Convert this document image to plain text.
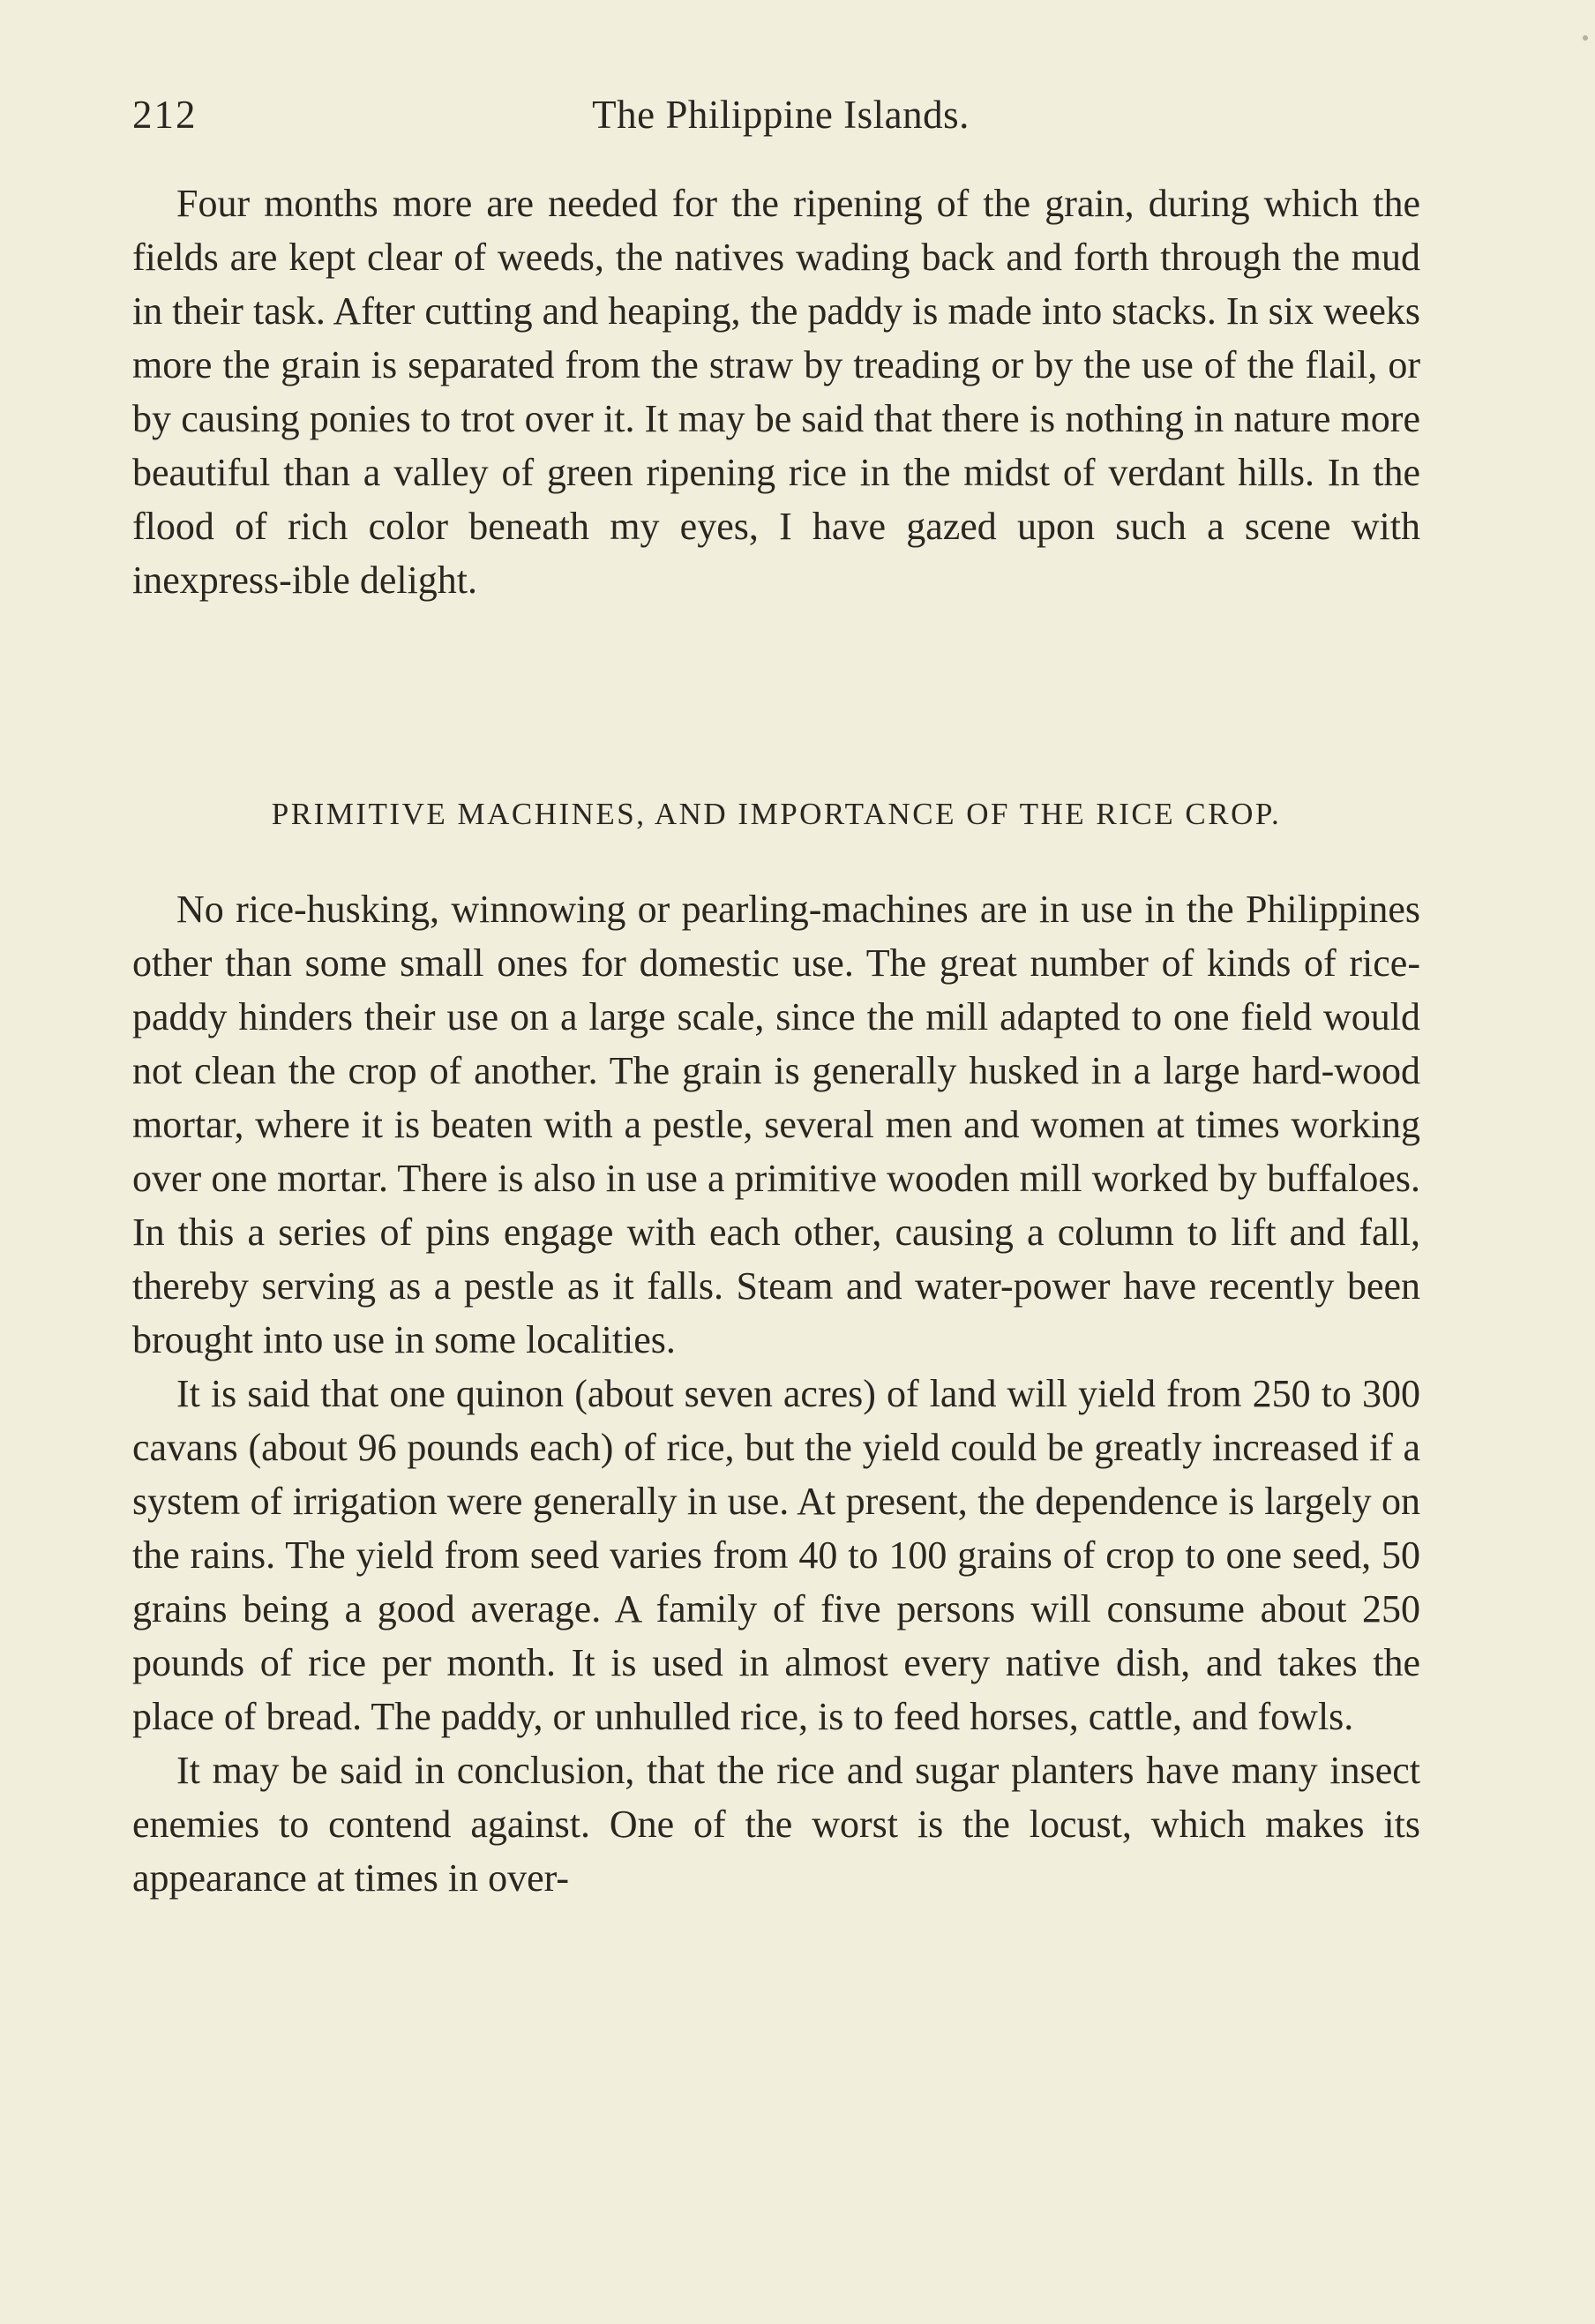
212	The Philippine Islands.

Four months more are needed for the ripening of the grain, during which the fields are kept clear of weeds, the natives wading back and forth through the mud in their task. After cutting and heaping, the paddy is made into stacks. In six weeks more the grain is separated from the straw by treading or by the use of the flail, or by causing ponies to trot over it. It may be said that there is nothing in nature more beautiful than a valley of green ripening rice in the midst of verdant hills. In the flood of rich color beneath my eyes, I have gazed upon such a scene with inexpress-ible delight.

PRIMITIVE MACHINES, AND IMPORTANCE OF THE RICE CROP.

No rice-husking, winnowing or pearling-machines are in use in the Philippines other than some small ones for domestic use. The great number of kinds of rice-paddy hinders their use on a large scale, since the mill adapted to one field would not clean the crop of another. The grain is generally husked in a large hard-wood mortar, where it is beaten with a pestle, several men and women at times working over one mortar. There is also in use a primitive wooden mill worked by buffaloes. In this a series of pins engage with each other, causing a column to lift and fall, thereby serving as a pestle as it falls. Steam and water-power have recently been brought into use in some localities.

It is said that one quinon (about seven acres) of land will yield from 250 to 300 cavans (about 96 pounds each) of rice, but the yield could be greatly increased if a system of irrigation were generally in use. At present, the dependence is largely on the rains. The yield from seed varies from 40 to 100 grains of crop to one seed, 50 grains being a good average. A family of five persons will consume about 250 pounds of rice per month. It is used in almost every native dish, and takes the place of bread. The paddy, or unhulled rice, is to feed horses, cattle, and fowls.

It may be said in conclusion, that the rice and sugar planters have many insect enemies to contend against. One of the worst is the locust, which makes its appearance at times in over-
